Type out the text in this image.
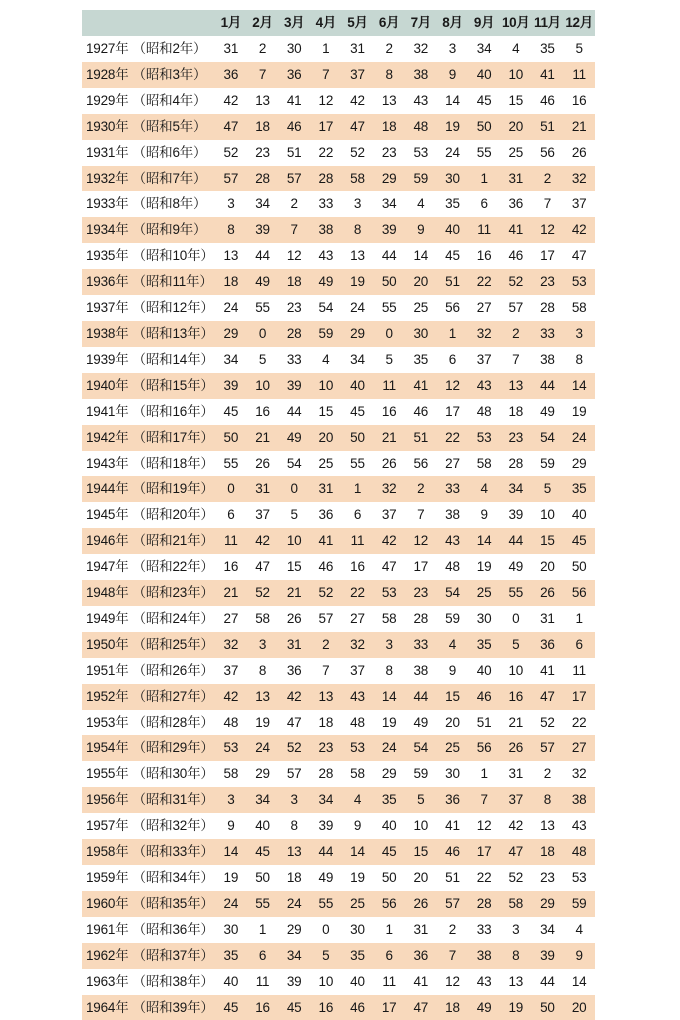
	1月	2月	3月	4月	5月	6月	7月	8月	9月	10月	11月	12月
1927年 （昭和2年）	31	2	30	1	31	2	32	3	34	4	35	5
1928年 （昭和3年）	36	7	36	7	37	8	38	9	40	10	41	11
1929年 （昭和4年）	42	13	41	12	42	13	43	14	45	15	46	16
1930年 （昭和5年）	47	18	46	17	47	18	48	19	50	20	51	21
1931年 （昭和6年）	52	23	51	22	52	23	53	24	55	25	56	26
1932年 （昭和7年）	57	28	57	28	58	29	59	30	1	31	2	32
1933年 （昭和8年）	3	34	2	33	3	34	4	35	6	36	7	37
1934年 （昭和9年）	8	39	7	38	8	39	9	40	11	41	12	42
1935年 （昭和10年）	13	44	12	43	13	44	14	45	16	46	17	47
1936年 （昭和11年）	18	49	18	49	19	50	20	51	22	52	23	53
1937年 （昭和12年）	24	55	23	54	24	55	25	56	27	57	28	58
1938年 （昭和13年）	29	0	28	59	29	0	30	1	32	2	33	3
1939年 （昭和14年）	34	5	33	4	34	5	35	6	37	7	38	8
1940年 （昭和15年）	39	10	39	10	40	11	41	12	43	13	44	14
1941年 （昭和16年）	45	16	44	15	45	16	46	17	48	18	49	19
1942年 （昭和17年）	50	21	49	20	50	21	51	22	53	23	54	24
1943年 （昭和18年）	55	26	54	25	55	26	56	27	58	28	59	29
1944年 （昭和19年）	0	31	0	31	1	32	2	33	4	34	5	35
1945年 （昭和20年）	6	37	5	36	6	37	7	38	9	39	10	40
1946年 （昭和21年）	11	42	10	41	11	42	12	43	14	44	15	45
1947年 （昭和22年）	16	47	15	46	16	47	17	48	19	49	20	50
1948年 （昭和23年）	21	52	21	52	22	53	23	54	25	55	26	56
1949年 （昭和24年）	27	58	26	57	27	58	28	59	30	0	31	1
1950年 （昭和25年）	32	3	31	2	32	3	33	4	35	5	36	6
1951年 （昭和26年）	37	8	36	7	37	8	38	9	40	10	41	11
1952年 （昭和27年）	42	13	42	13	43	14	44	15	46	16	47	17
1953年 （昭和28年）	48	19	47	18	48	19	49	20	51	21	52	22
1954年 （昭和29年）	53	24	52	23	53	24	54	25	56	26	57	27
1955年 （昭和30年）	58	29	57	28	58	29	59	30	1	31	2	32
1956年 （昭和31年）	3	34	3	34	4	35	5	36	7	37	8	38
1957年 （昭和32年）	9	40	8	39	9	40	10	41	12	42	13	43
1958年 （昭和33年）	14	45	13	44	14	45	15	46	17	47	18	48
1959年 （昭和34年）	19	50	18	49	19	50	20	51	22	52	23	53
1960年 （昭和35年）	24	55	24	55	25	56	26	57	28	58	29	59
1961年 （昭和36年）	30	1	29	0	30	1	31	2	33	3	34	4
1962年 （昭和37年）	35	6	34	5	35	6	36	7	38	8	39	9
1963年 （昭和38年）	40	11	39	10	40	11	41	12	43	13	44	14
1964年 （昭和39年）	45	16	45	16	46	17	47	18	49	19	50	20
